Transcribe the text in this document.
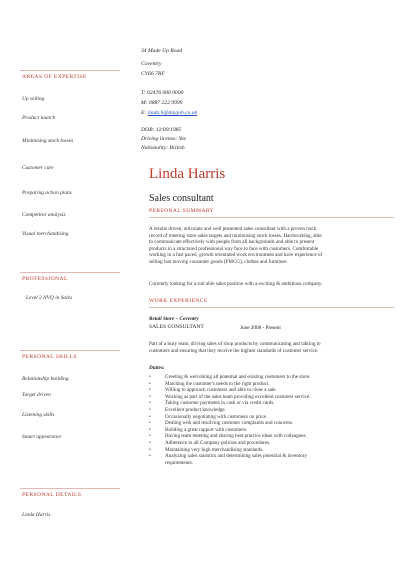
34 Made Up Road
Coventry
CV66 7RF
T: 02476 000 0000
M: 0887 222 9999
E: linda.h@dayjob.co.uk
DOB: 12/09/1985
Driving license: Yes
Nationality: British
AREAS OF EXPERTISE
Up selling
Product launch
Minimising stock losses
Customer care
Preparing action plans
Competitor analysis
Visual merchandising
PROFESSIONAL
Level 2 NVQ in Sales
PERSONAL SKILLS
Relationship building
Target driven
Listening skills
Smart appearance
PERSONAL DETAILS
Linda Harris
Linda Harris
Sales consultant
PERSONAL SUMMARY
A results driven, articulate and well presented sales consultant with a proven track
record of meeting store sales targets and minimising stock losses. Hardworking, able
to communicate effectively with people from all backgrounds and able to present
products in a structured professional way face to face with customers. Comfortable
working in a fast paced, growth orientated work environment and have experience of
selling fast moving consumer goods (FMCG), clothes and furniture.
Currently looking for a suit able sales position with a exciting & ambitious company.
WORK EXPERIENCE
Retail Store – Coventry
SALES CONSULTANT	June 2008 - Present
Part of a busy team, driving sales of shop products by communicating and talking to
customers and ensuring that they receive the highest standards of customer service.
Duties:
•	Greeting & welcoming all potential and existing customers to the store.
•	Matching the customer's needs to the right product.
•	Willing to approach customers and able to close a sale.
•	Working as part of the sales team providing excellent customer service.
•	Taking customer payments in cash or via credit cards.
•	Excellent product knowledge.
•	Occasionally negotiating with customers on price.
•	Dealing with and resolving customer complaints and concerns.
•	Building a great rapport with customers.
•	Having team meeting and sharing best practice ideas with colleagues.
•	Adherence to all Company policies and procedures.
•	Maintaining very high merchandising standards.
•	Analyzing sales statistics and determining sales potential & inventory
requirements.
